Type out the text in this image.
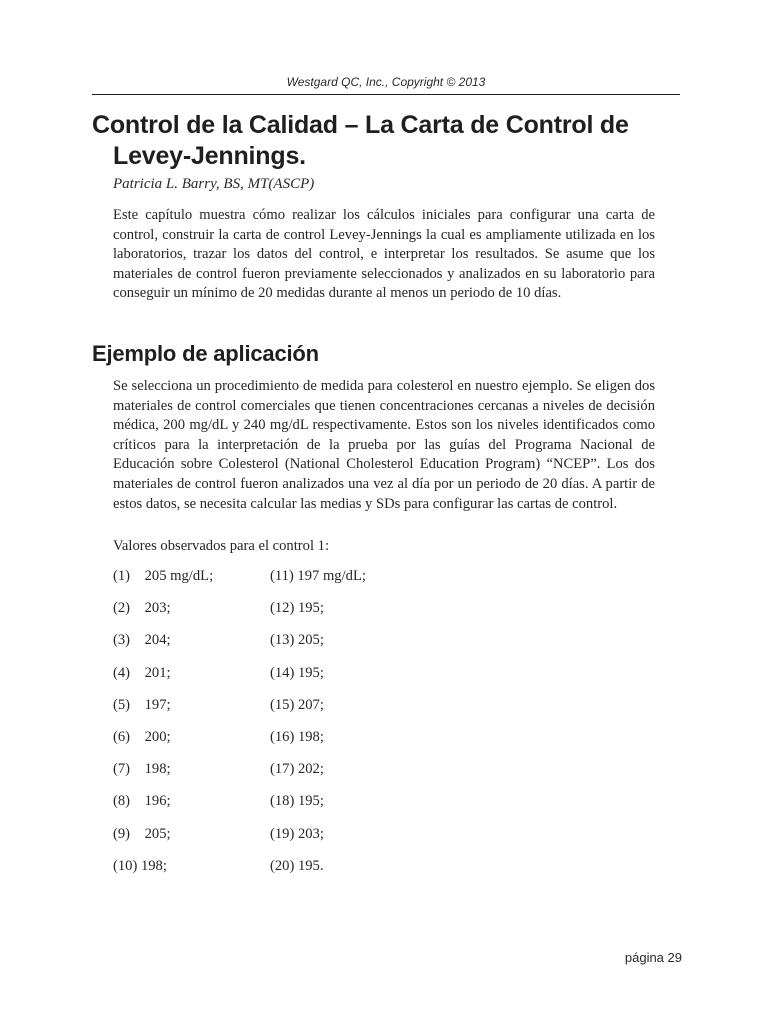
Westgard QC, Inc., Copyright © 2013
Control de la Calidad – La Carta de Control de Levey-Jennings.

Patricia L. Barry, BS, MT(ASCP)

Este capítulo muestra cómo realizar los cálculos iniciales para configurar una carta de control, construir la carta de control Levey-Jennings la cual es ampliamente utilizada en los laboratorios, trazar los datos del control, e interpretar los resultados. Se asume que los materiales de control fueron previamente seleccionados y analizados en su laboratorio para conseguir un mínimo de 20 medidas durante al menos un periodo de 10 días.

Ejemplo de aplicación

Se selecciona un procedimiento de medida para colesterol en nuestro ejemplo. Se eligen dos materiales de control comerciales que tienen concentraciones cercanas a niveles de decisión médica, 200 mg/dL y 240 mg/dL respectivamente. Estos son los niveles identificados como críticos para la interpretación de la prueba por las guías del Programa Nacional de Educación sobre Colesterol (National Cholesterol Education Program) “NCEP”. Los dos materiales de control fueron analizados una vez al día por un periodo de 20 días. A partir de estos datos, se necesita calcular las medias y SDs para configurar las cartas de control.

Valores observados para el control 1:

(1)    205 mg/dL;	(11) 197 mg/dL;
(2)    203;	(12) 195;
(3)    204;	(13) 205;
(4)    201;	(14) 195;
(5)    197;	(15) 207;
(6)    200;	(16) 198;
(7)    198;	(17) 202;
(8)    196;	(18) 195;
(9)    205;	(19) 203;
(10) 198;	(20) 195.
página 29
